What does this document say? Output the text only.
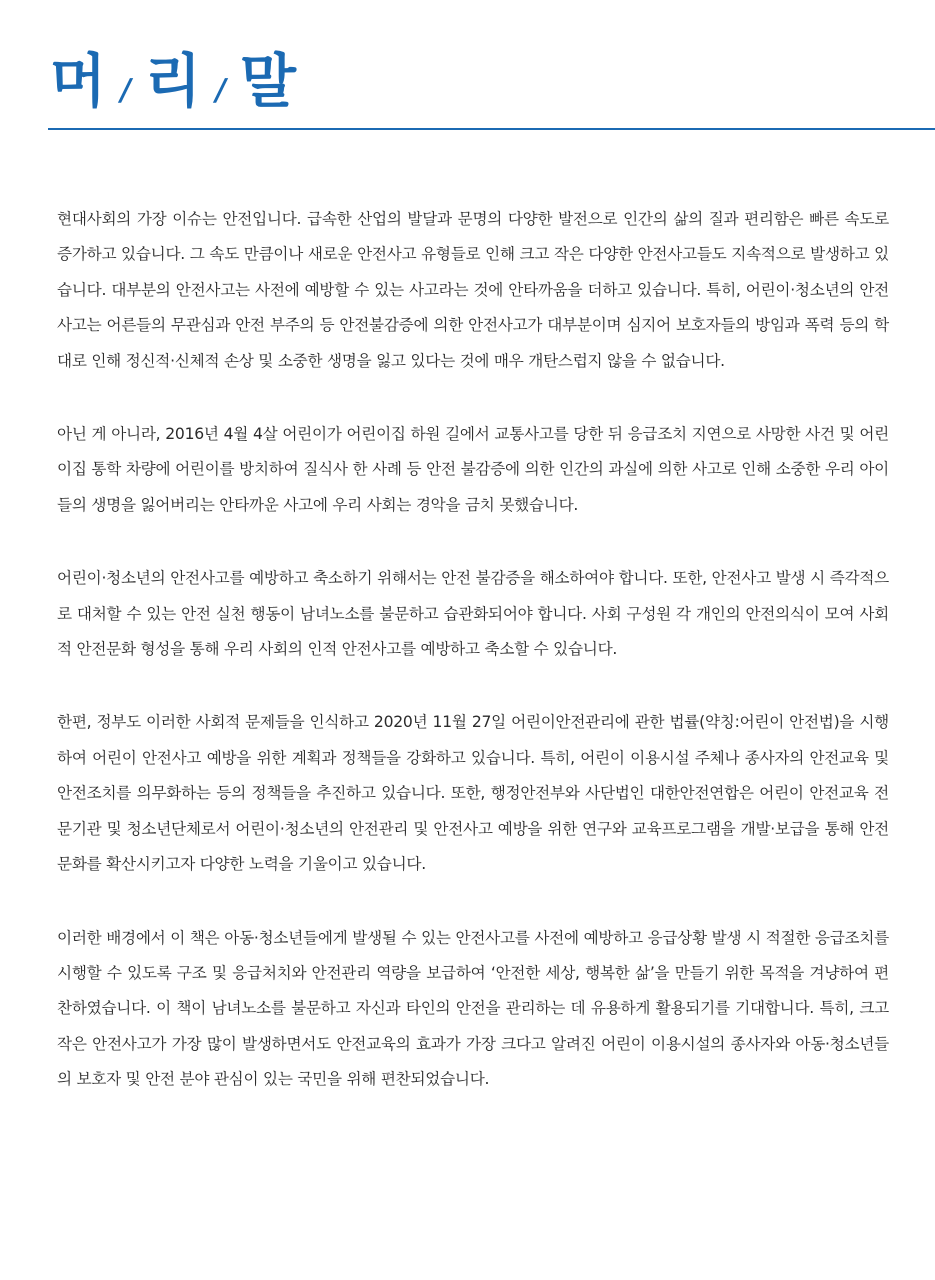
머 / 리 / 말

현대사회의 가장 이슈는 안전입니다. 급속한 산업의 발달과 문명의 다양한 발전으로 인간의 삶의 질과 편리함은 빠른 속도로 증가하고 있습니다. 그 속도 만큼이나 새로운 안전사고 유형들로 인해 크고 작은 다양한 안전사고들도 지속적으로 발생하고 있습니다. 대부분의 안전사고는 사전에 예방할 수 있는 사고라는 것에 안타까움을 더하고 있습니다. 특히, 어린이·청소년의 안전사고는 어른들의 무관심과 안전 부주의 등 안전불감증에 의한 안전사고가 대부분이며 심지어 보호자들의 방임과 폭력 등의 학대로 인해 정신적·신체적 손상 및 소중한 생명을 잃고 있다는 것에 매우 개탄스럽지 않을 수 없습니다.

아닌 게 아니라, 2016년 4월 4살 어린이가 어린이집 하원 길에서 교통사고를 당한 뒤 응급조치 지연으로 사망한 사건 및 어린이집 통학 차량에 어린이를 방치하여 질식사 한 사례 등 안전 불감증에 의한 인간의 과실에 의한 사고로 인해 소중한 우리 아이들의 생명을 잃어버리는 안타까운 사고에 우리 사회는 경악을 금치 못했습니다.

어린이·청소년의 안전사고를 예방하고 축소하기 위해서는 안전 불감증을 해소하여야 합니다. 또한, 안전사고 발생 시 즉각적으로 대처할 수 있는 안전 실천 행동이 남녀노소를 불문하고 습관화되어야 합니다. 사회 구성원 각 개인의 안전의식이 모여 사회적 안전문화 형성을 통해 우리 사회의 인적 안전사고를 예방하고 축소할 수 있습니다.

한편, 정부도 이러한 사회적 문제들을 인식하고 2020년 11월 27일 어린이안전관리에 관한 법률(약칭:어린이 안전법)을 시행하여 어린이 안전사고 예방을 위한 계획과 정책들을 강화하고 있습니다. 특히, 어린이 이용시설 주체나 종사자의 안전교육 및 안전조치를 의무화하는 등의 정책들을 추진하고 있습니다. 또한, 행정안전부와 사단법인 대한안전연합은 어린이 안전교육 전문기관 및 청소년단체로서 어린이·청소년의 안전관리 및 안전사고 예방을 위한 연구와 교육프로그램을 개발·보급을 통해 안전문화를 확산시키고자 다양한 노력을 기울이고 있습니다.

이러한 배경에서 이 책은 아동·청소년들에게 발생될 수 있는 안전사고를 사전에 예방하고 응급상황 발생 시 적절한 응급조치를 시행할 수 있도록 구조 및 응급처치와 안전관리 역량을 보급하여 ‘안전한 세상, 행복한 삶’을 만들기 위한 목적을 겨냥하여 편찬하였습니다. 이 책이 남녀노소를 불문하고 자신과 타인의 안전을 관리하는 데 유용하게 활용되기를 기대합니다. 특히, 크고 작은 안전사고가 가장 많이 발생하면서도 안전교육의 효과가 가장 크다고 알려진 어린이 이용시설의 종사자와 아동·청소년들의 보호자 및 안전 분야 관심이 있는 국민을 위해 편찬되었습니다.
